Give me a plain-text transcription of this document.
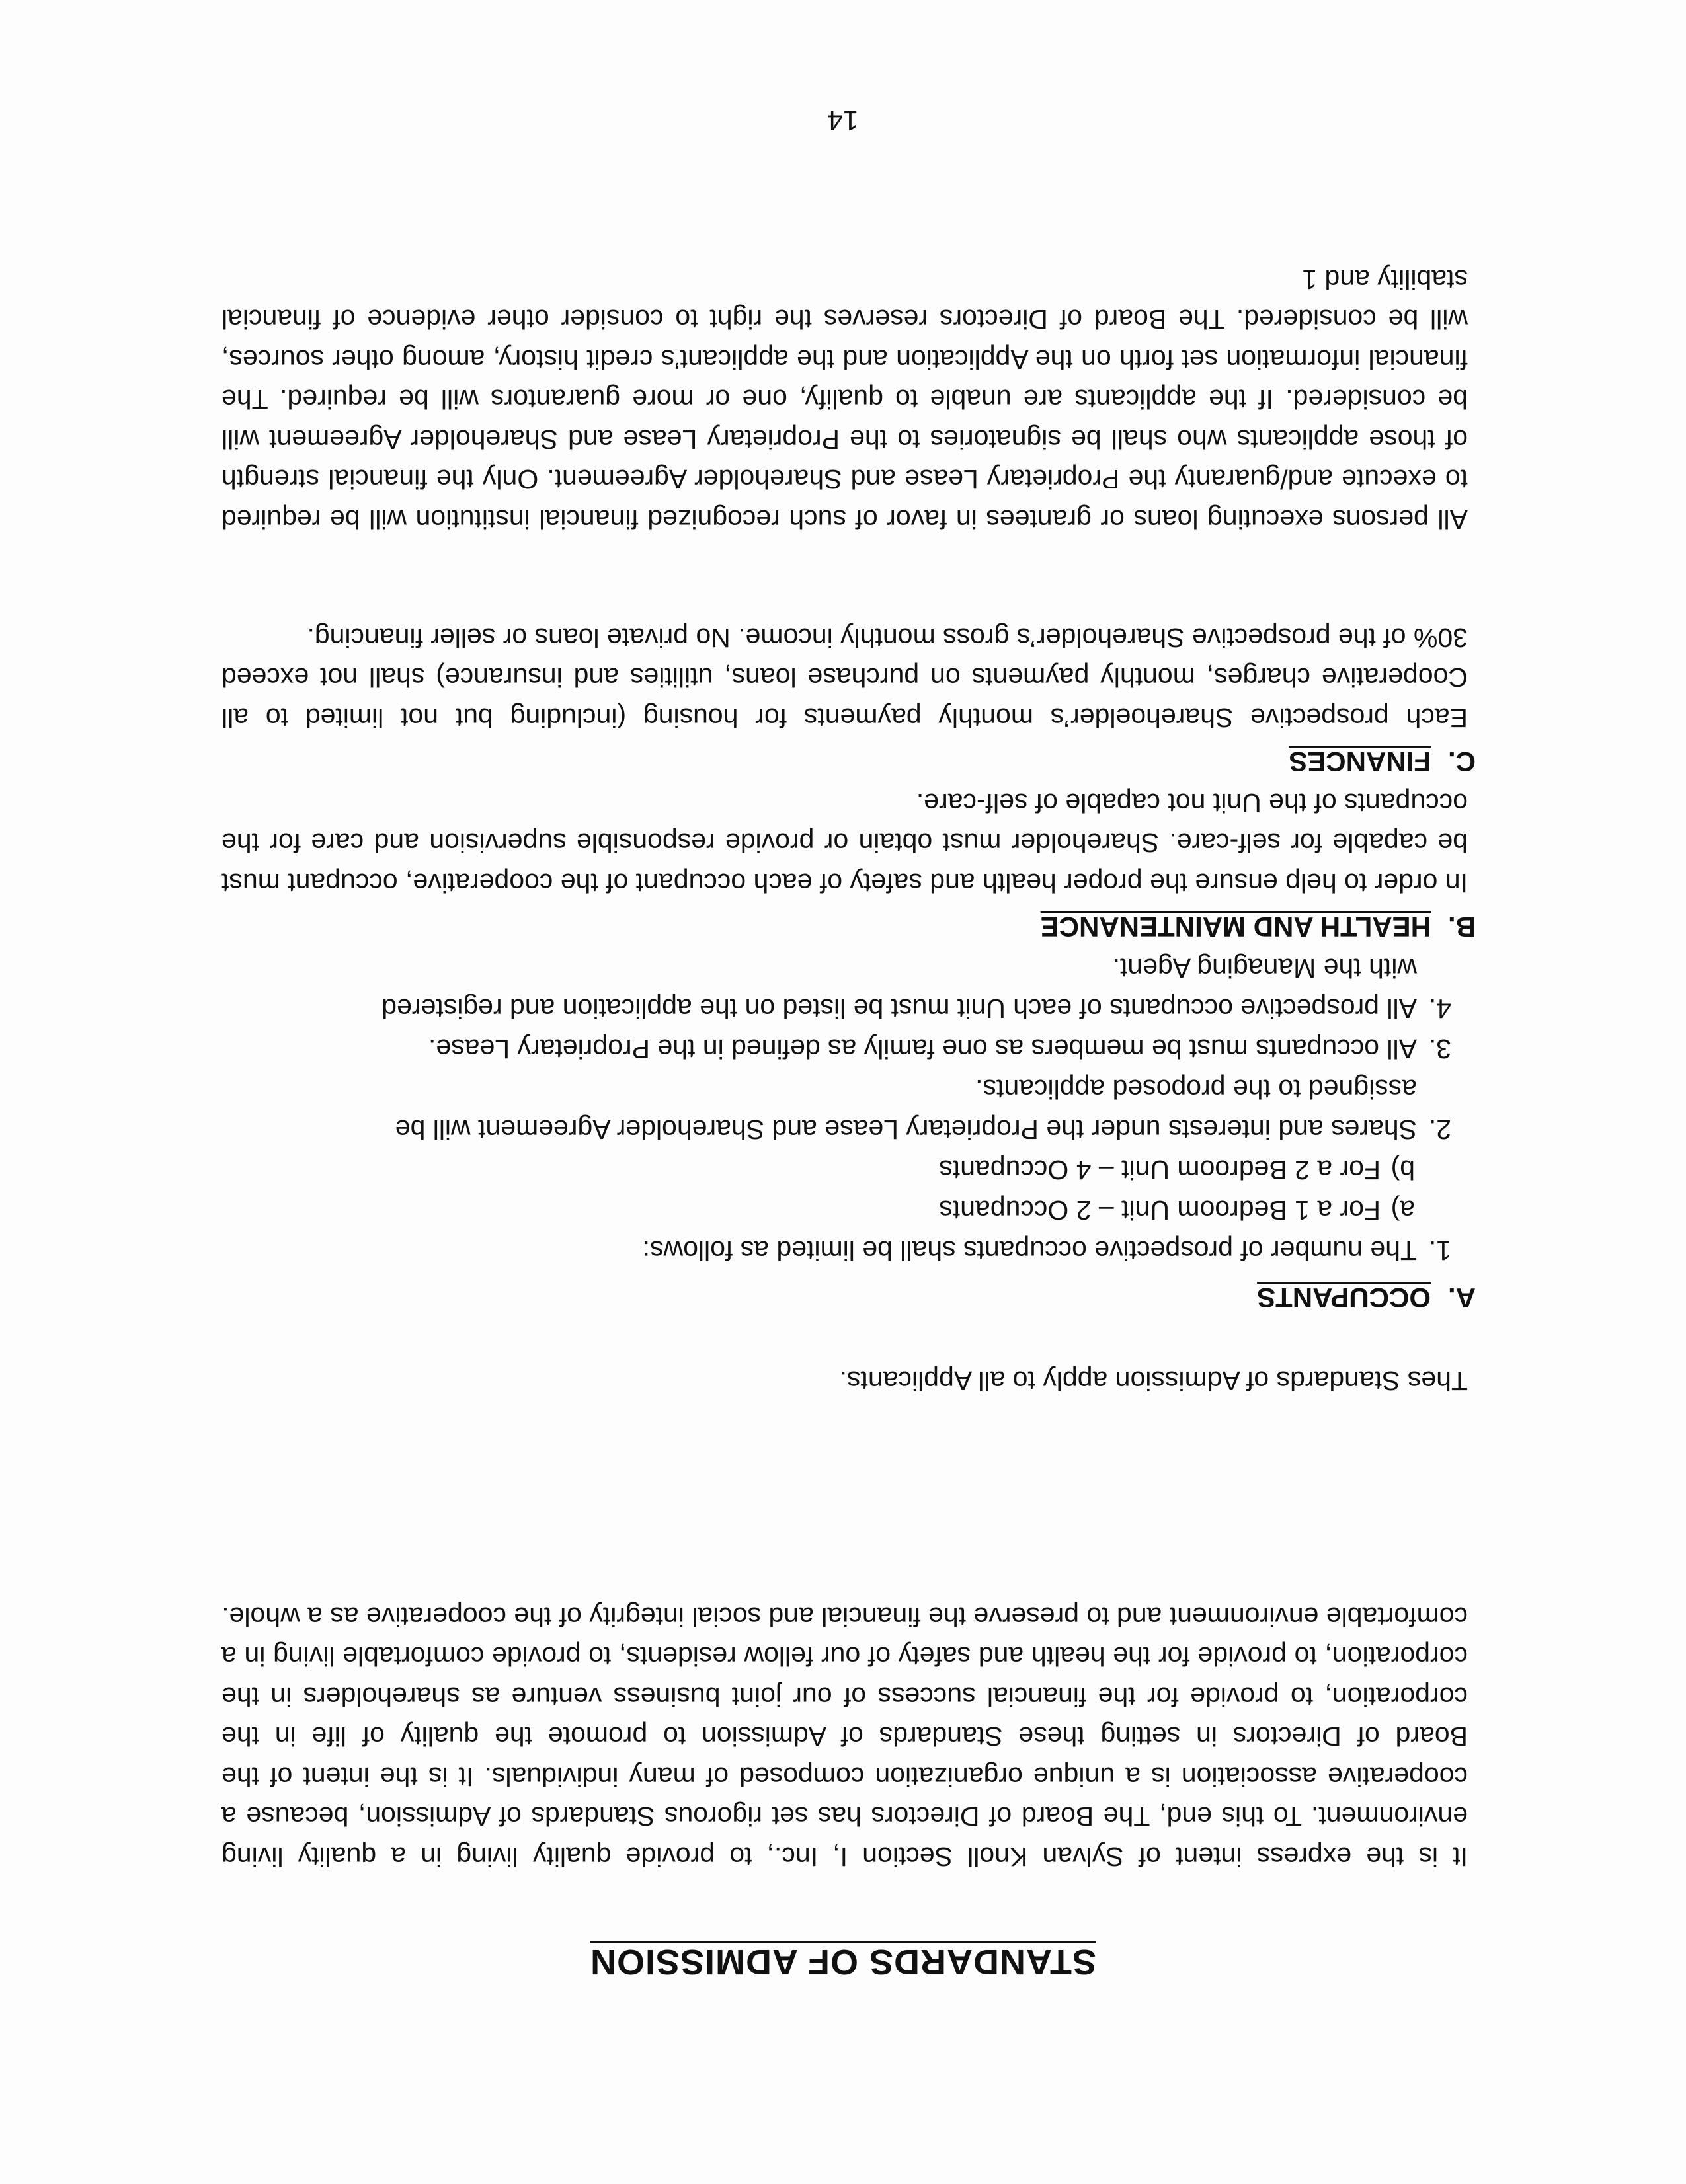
STANDARDS OF ADMISSION

It is the express intent of Sylvan Knoll Section I, Inc., to provide quality living in a quality living environment. To this end, The Board of Directors has set rigorous Standards of Admission, because a cooperative association is a unique organization composed of many individuals. It is the intent of the Board of Directors in setting these Standards of Admission to promote the quality of life in the corporation, to provide for the financial success of our joint business venture as shareholders in the corporation, to provide for the health and safety of our fellow residents, to provide comfortable living in a comfortable environment and to preserve the financial and social integrity of the cooperative as a whole.

Thes Standards of Admission apply to all Applicants.

A.OCCUPANTS
1.The number of prospective occupants shall be limited as follows:
a)For a 1 Bedroom Unit – 2 Occupants
b)For a 2 Bedroom Unit – 4 Occupants
2.Shares and interests under the Proprietary Lease and Shareholder Agreement will be
assigned to the proposed applicants.
3.All occupants must be members as one family as defined in the Proprietary Lease.
4.All prospective occupants of each Unit must be listed on the application and registered
with the Managing Agent.
B.HEALTH AND MAINTENANCE

In order to help ensure the proper health and safety of each occupant of the cooperative, occupant must be capable for self-care. Shareholder must obtain or provide responsible supervision and care for the occupants of the Unit not capable of self-care.

C.FINANCES

Each prospective Sharehoelder’s monthly payments for housing (including but not limited to all Cooperative charges, monthly payments on purchase loans, utilities and insurance) shall not exceed 30% of the prospective Shareholder’s gross monthly income. No private loans or seller financing.

All persons executing loans or grantees in favor of such recognized financial institution will be required to execute and/guaranty the Proprietary Lease and Shareholder Agreement. Only the financial strength of those applicants who shall be signatories to the Proprietary Lease and Shareholder Agreement will be considered. If the applicants are unable to qualify, one or more guarantors will be required. The financial information set forth on the Application and the applicant’s credit history, among other sources, will be considered. The Board of Directors reserves the right to consider other evidence of financial stability and 1

14
